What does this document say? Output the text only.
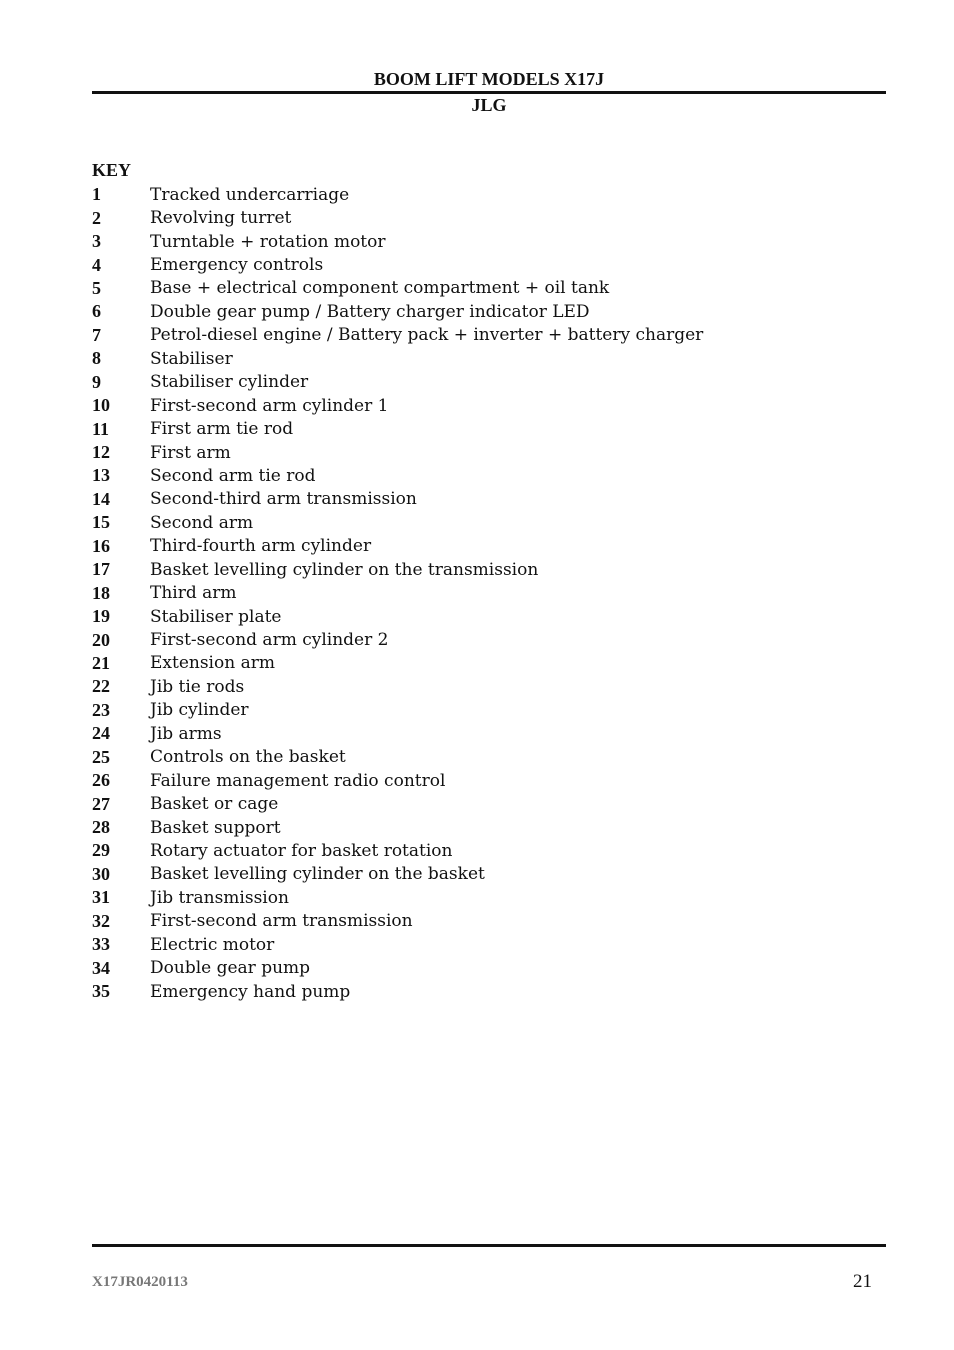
BOOM LIFT MODELS X17J
JLG
KEY
1	Tracked undercarriage
2	Revolving turret
3	Turntable + rotation motor
4	Emergency controls
5	Base + electrical component compartment + oil tank
6	Double gear pump / Battery charger indicator LED
7	Petrol-diesel engine / Battery pack + inverter + battery charger
8	Stabiliser
9	Stabiliser cylinder
10	First-second arm cylinder 1
11	First arm tie rod
12	First arm
13	Second arm tie rod
14	Second-third arm transmission
15	Second arm
16	Third-fourth arm cylinder
17	Basket levelling cylinder on the transmission
18	Third arm
19	Stabiliser plate
20	First-second arm cylinder 2
21	Extension arm
22	Jib tie rods
23	Jib cylinder
24	Jib arms
25	Controls on the basket
26	Failure management radio control
27	Basket or cage
28	Basket support
29	Rotary actuator for basket rotation
30	Basket levelling cylinder on the basket
31	Jib transmission
32	First-second arm transmission
33	Electric motor
34	Double gear pump
35	Emergency hand pump
X17JR0420113	21
